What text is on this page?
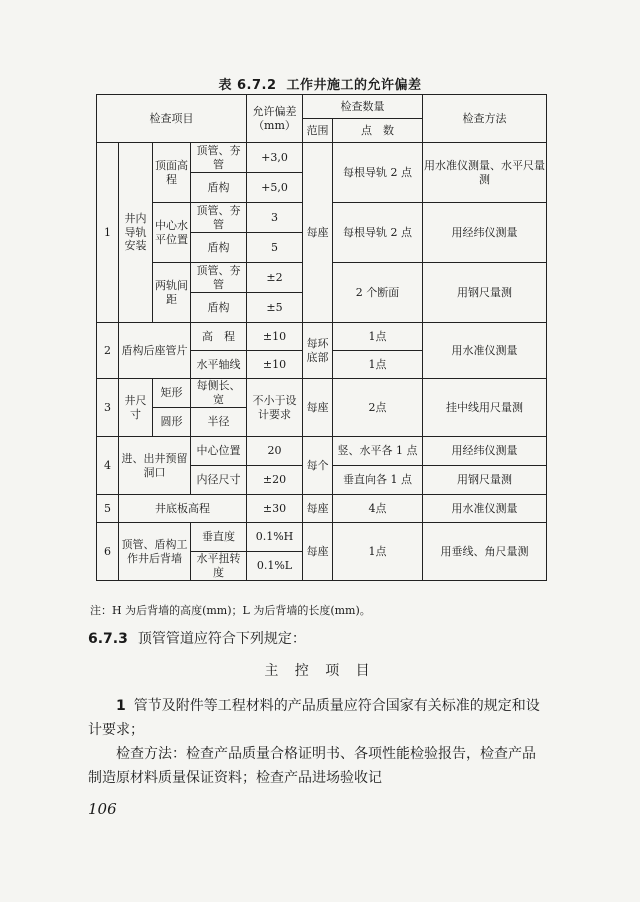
表 6.7.2 工作井施工的允许偏差
检查项目				允许偏差
（mm）	检查数量		检查方法
					范围	点　数	
1	井内导轨安装	顶面高程	顶管、夯管	+3,0	每座	每根导轨 2 点	用水准仪测量、水平尺量测
			盾构	+5,0			
		中心水平位置	顶管、夯管	3		每根导轨 2 点	用经纬仪测量
			盾构	5			
		两轨间距	顶管、夯管	±2		2 个断面	用钢尺量测
			盾构	±5			
2	盾构后座管片		高　程	±10	每环底部	1点	用水准仪测量
			水平轴线	±10		1点	
3	井尺寸	矩形	每侧长、宽	不小于设计要求	每座	2点	挂中线用尺量测
		圆形	半径				
4	进、出井预留洞口		中心位置	20	每个	竖、水平各 1 点	用经纬仪测量
			内径尺寸	±20		垂直向各 1 点	用钢尺量测
5	井底板高程			±30	每座	4点	用水准仪测量
6	顶管、盾构工作井后背墙		垂直度	0.1%H	每座	1点	用垂线、角尺量测
			水平扭转度	0.1%L			
注：H 为后背墙的高度(mm)；L 为后背墙的长度(mm)。
6.7.3 顶管管道应符合下列规定：
主 控 项 目
1 管节及附件等工程材料的产品质量应符合国家有关标准的规定和设计要求；
检查方法：检查产品质量合格证明书、各项性能检验报告，检查产品制造原材料质量保证资料；检查产品进场验收记
106
